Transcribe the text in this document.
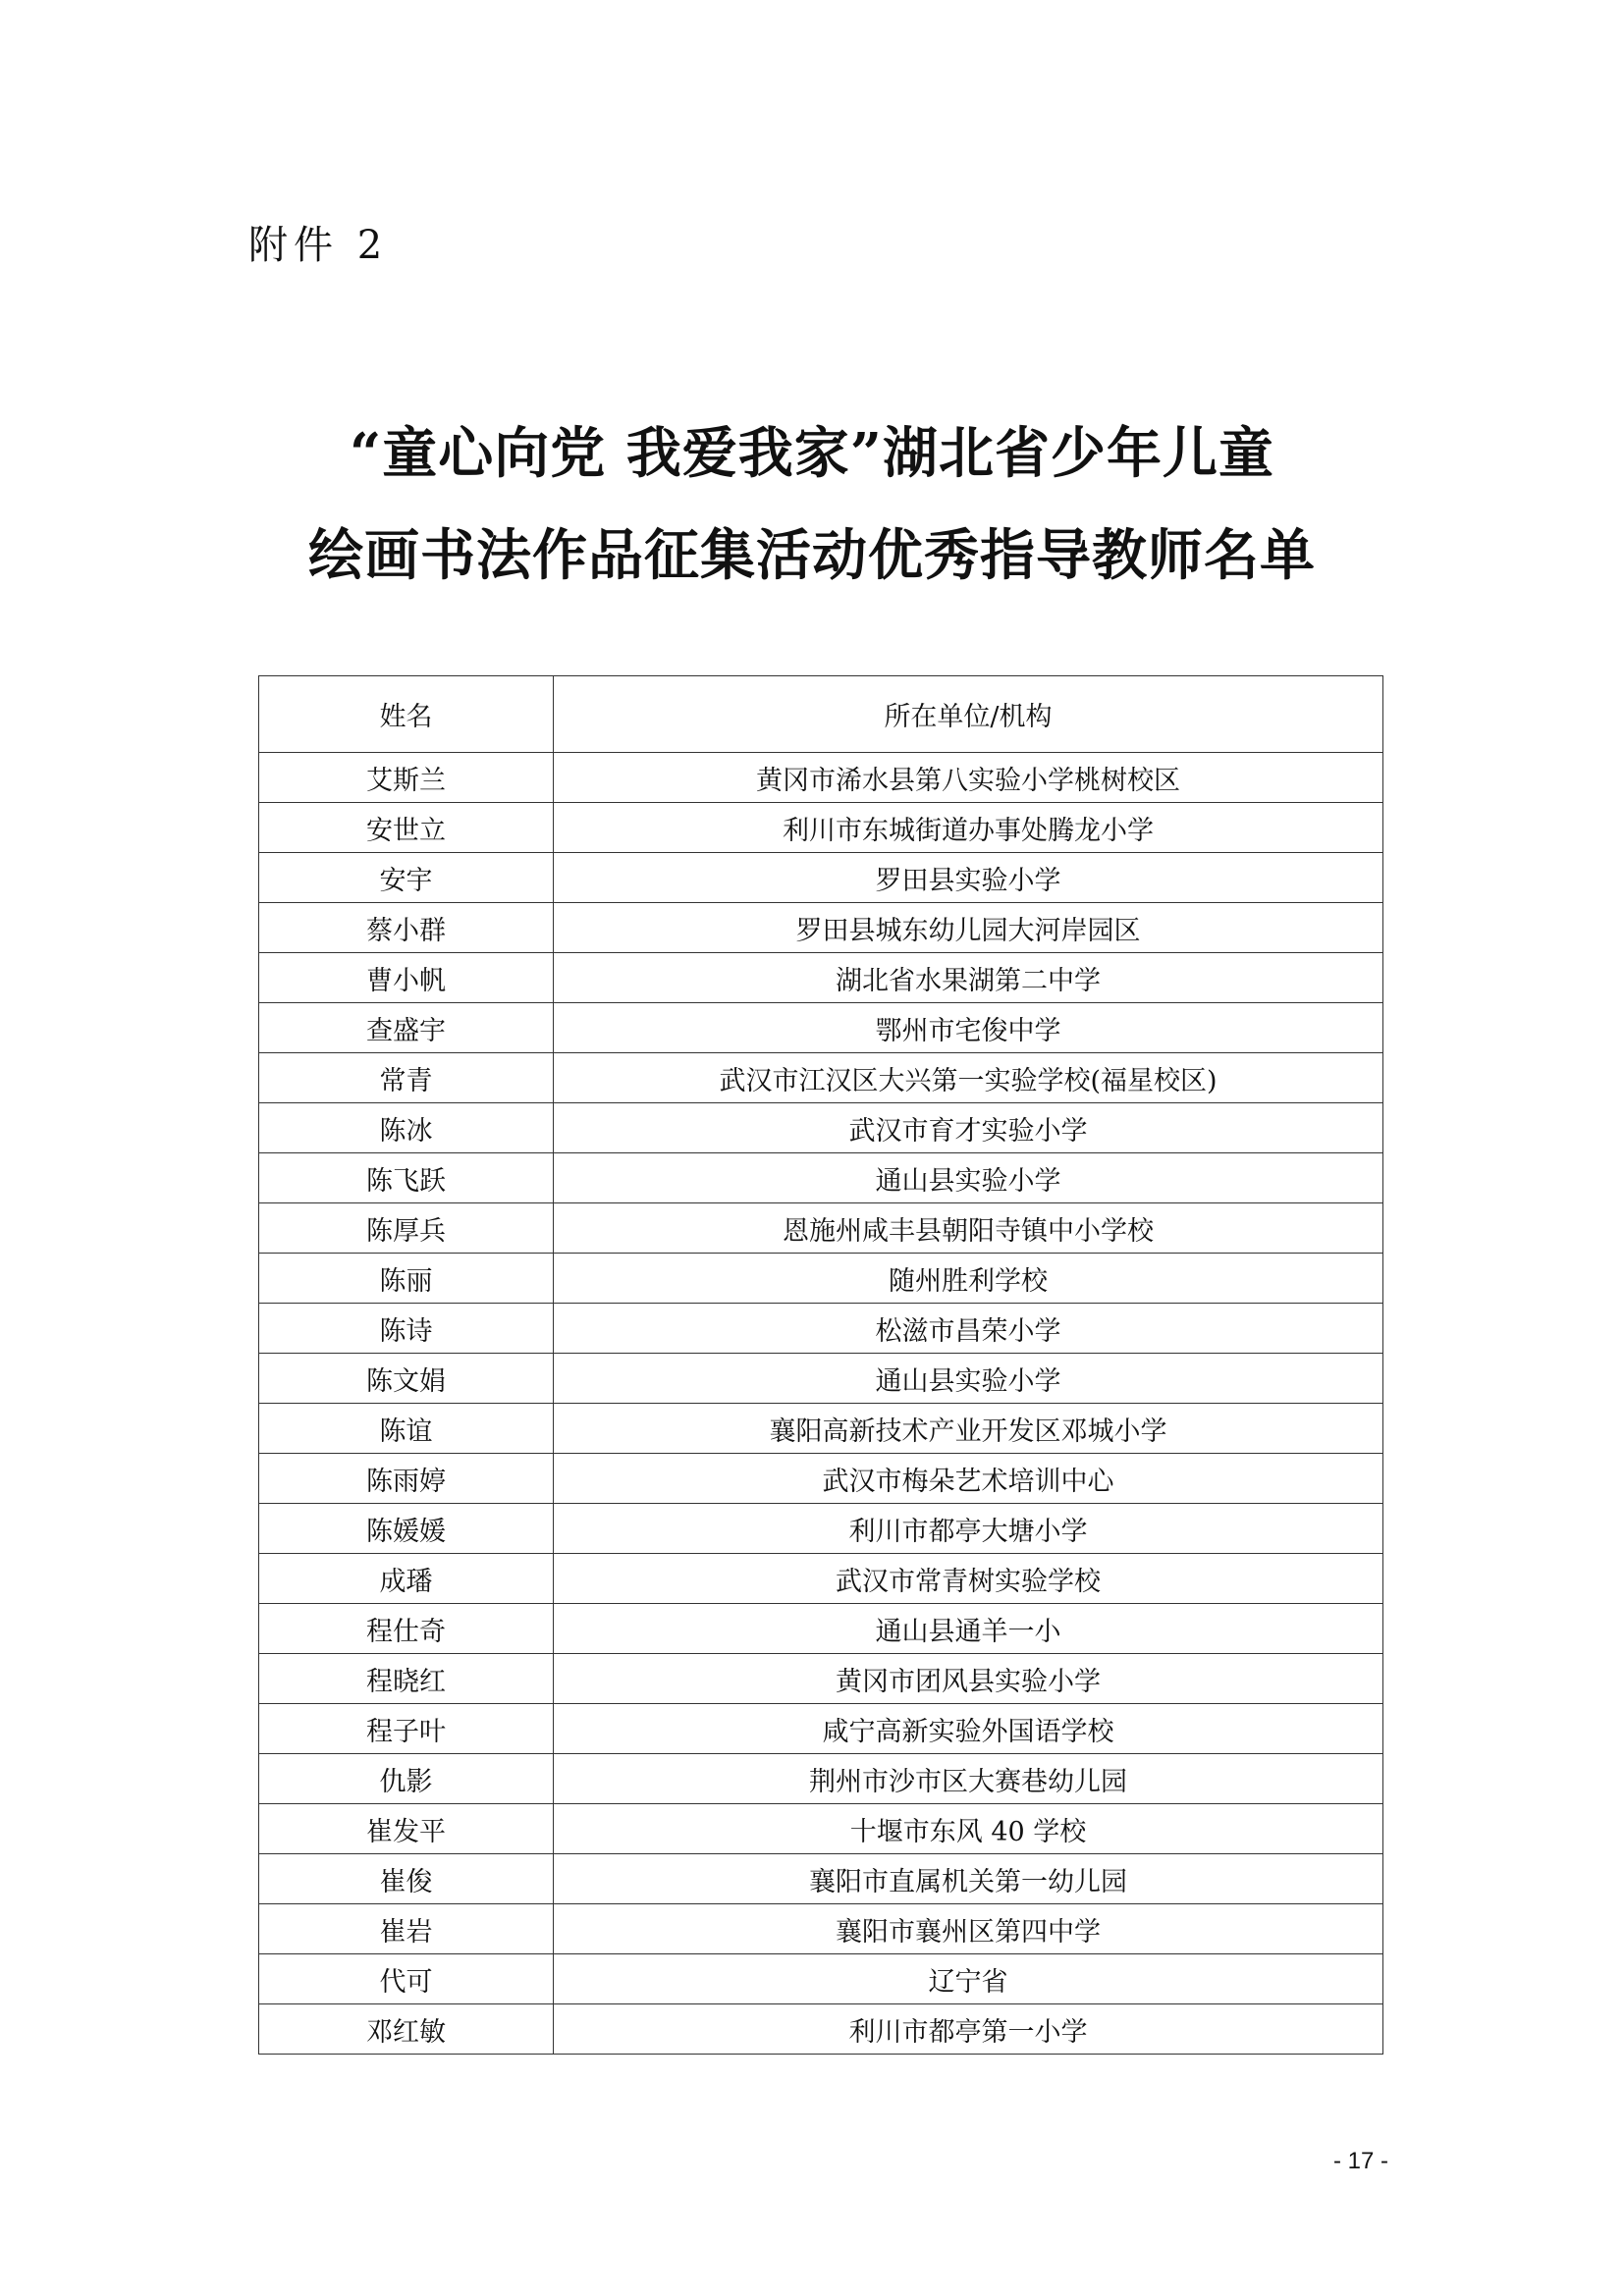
附件 2
“童心向党 我爱我家”湖北省少年儿童
绘画书法作品征集活动优秀指导教师名单
姓名	所在单位/机构
艾斯兰	黄冈市浠水县第八实验小学桃树校区
安世立	利川市东城街道办事处腾龙小学
安宇	罗田县实验小学
蔡小群	罗田县城东幼儿园大河岸园区
曹小帆	湖北省水果湖第二中学
查盛宇	鄂州市宅俊中学
常青	武汉市江汉区大兴第一实验学校(福星校区)
陈冰	武汉市育才实验小学
陈飞跃	通山县实验小学
陈厚兵	恩施州咸丰县朝阳寺镇中小学校
陈丽	随州胜利学校
陈诗	松滋市昌荣小学
陈文娟	通山县实验小学
陈谊	襄阳高新技术产业开发区邓城小学
陈雨婷	武汉市梅朵艺术培训中心
陈媛媛	利川市都亭大塘小学
成璠	武汉市常青树实验学校
程仕奇	通山县通羊一小
程晓红	黄冈市团风县实验小学
程子叶	咸宁高新实验外国语学校
仇影	荆州市沙市区大赛巷幼儿园
崔发平	十堰市东风 40 学校
崔俊	襄阳市直属机关第一幼儿园
崔岩	襄阳市襄州区第四中学
代可	辽宁省
邓红敏	利川市都亭第一小学
- 17 -
